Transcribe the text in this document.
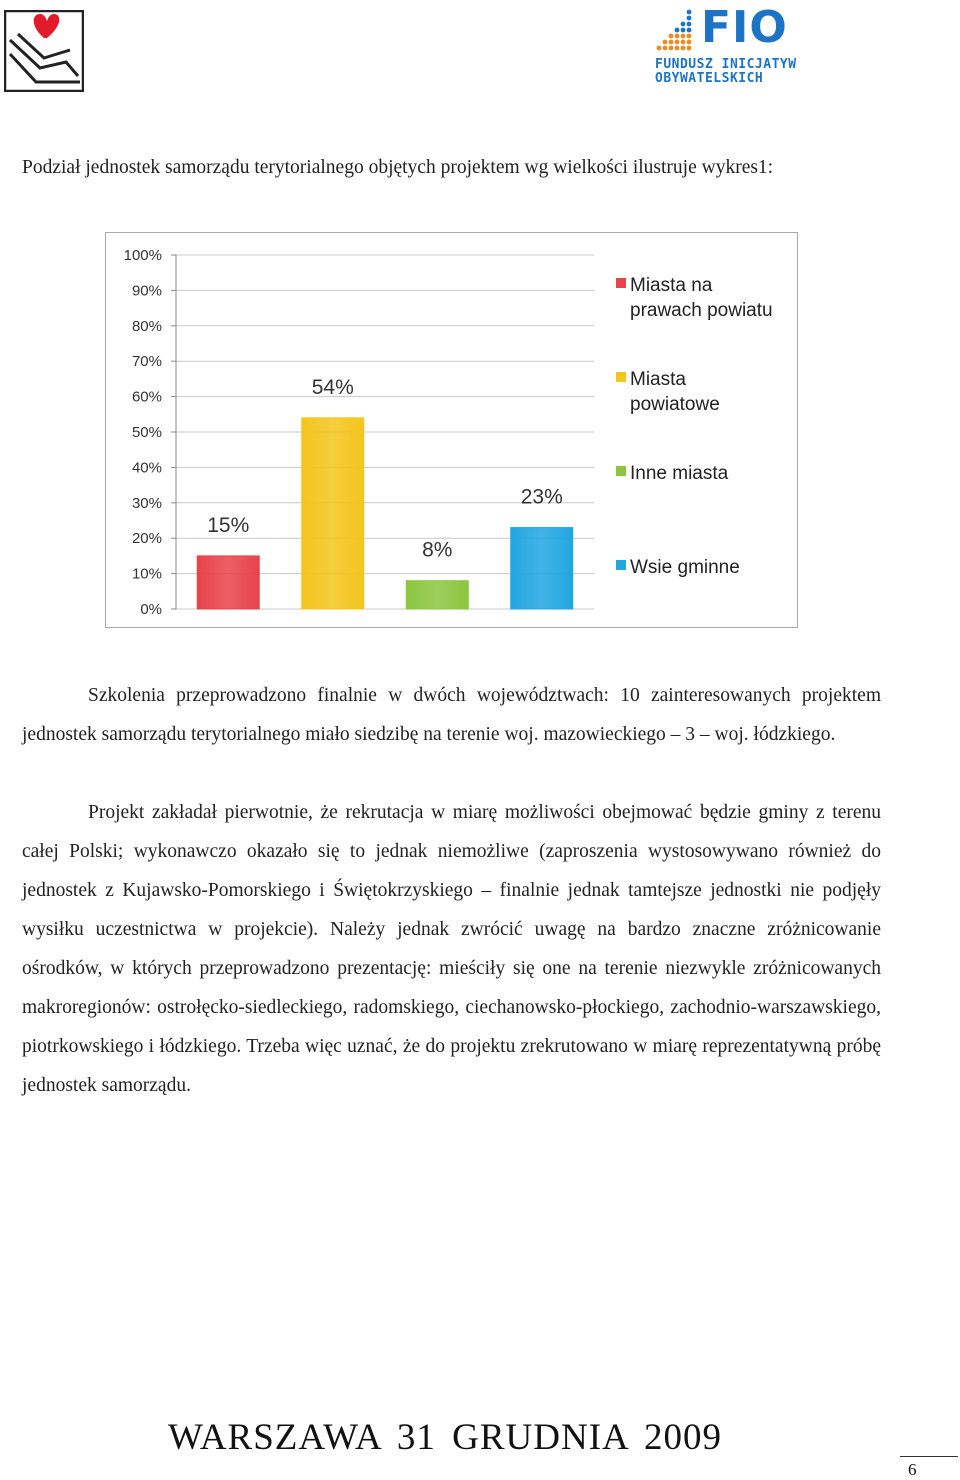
FIO
FUNDUSZ INICJATYW
OBYWATELSKICH

Podział jednostek samorządu terytorialnego objętych projektem wg wielkości ilustruje wykres1:

0%
10%
20%
30%
40%
50%
60%
70%
80%
90%
100%
15%
54%
8%
23%
Miasta na
prawach powiatu
Miasta
powiatowe
Inne miasta
Wsie gminne

Szkolenia przeprowadzono finalnie w dwóch województwach: 10 zainteresowanych projektem jednostek samorządu terytorialnego miało siedzibę na terenie woj. mazowieckiego – 3 – woj. łódzkiego.

Projekt zakładał pierwotnie, że rekrutacja w miarę możliwości obejmować będzie gminy z terenu całej Polski; wykonawczo okazało się to jednak niemożliwe (zaproszenia wystosowywano również do jednostek z Kujawsko-Pomorskiego i Świętokrzyskiego – finalnie jednak tamtejsze jednostki nie podjęły wysiłku uczestnictwa w projekcie). Należy jednak zwrócić uwagę na bardzo znaczne zróżnicowanie ośrodków, w których przeprowadzono prezentację: mieściły się one na terenie niezwykle zróżnicowanych makroregionów: ostrołęcko-siedleckiego, radomskiego, ciechanowsko-płockiego, zachodnio-warszawskiego, piotrkowskiego i łódzkiego. Trzeba więc uznać, że do projektu zrekrutowano w miarę reprezentatywną próbę jednostek samorządu.

WARSZAWA 31 GRUDNIA 2009
6
